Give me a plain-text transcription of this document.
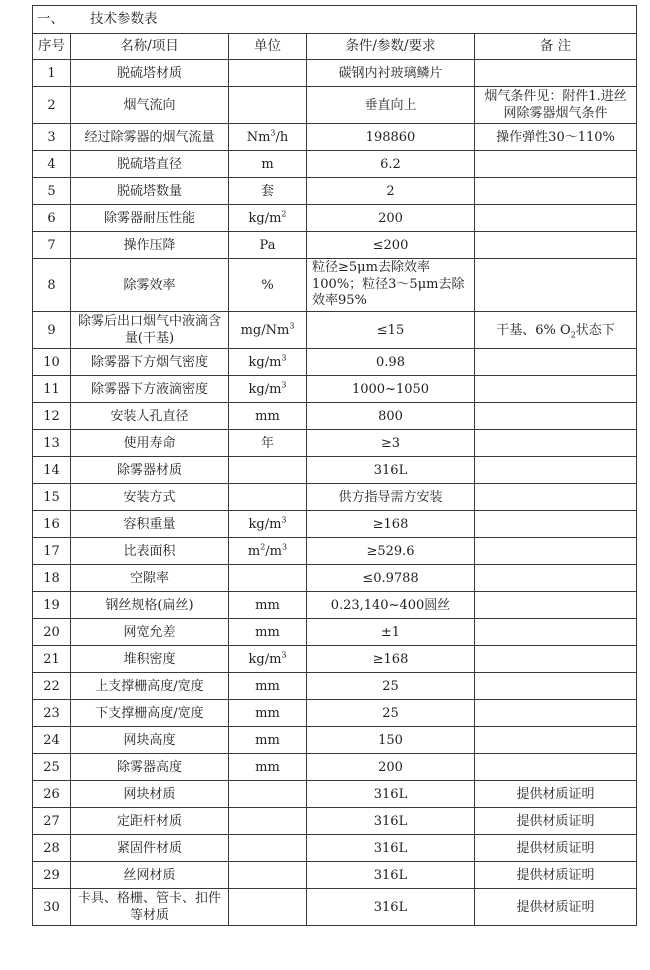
一、 技术参数表				
序号	名称/项目	单位	条件/参数/要求	备 注
1	脱硫塔材质		碳钢内衬玻璃鳞片	
2	烟气流向		垂直向上	烟气条件见：附件1.进丝网除雾器烟气条件
3	经过除雾器的烟气流量	Nm$^3$/h	198860	操作弹性30～110%
4	脱硫塔直径	m	6.2	
5	脱硫塔数量	套	2	
6	除雾器耐压性能	$kg/m^2$	200	
7	操作压降	Pa	≤200	
8	除雾效率	%	粒径≥5μm去除效率100%；粒径3～5μm去除效率95%	
9	除雾后出口烟气中液滴含量(干基)	$mg/Nm^3$	≤15	干基、6% $O_2$状态下
10	除雾器下方烟气密度	$kg/m^3$	0.98	
11	除雾器下方液滴密度	$kg/m^3$	1000~1050	
12	安装人孔直径	mm	800	
13	使用寿命	年	≥3	
14	除雾器材质		316L	
15	安装方式		供方指导需方安装	
16	容积重量	$kg/m^3$	≥168	
17	比表面积	$m^2/m^3$	≥529.6	
18	空隙率		≤0.9788	
19	钢丝规格(扁丝)	mm	0.23,140~400圆丝	
20	网宽允差	mm	±1	
21	堆积密度	$kg/m^3$	≥168	
22	上支撑栅高度/宽度	mm	25	
23	下支撑栅高度/宽度	mm	25	
24	网块高度	mm	150	
25	除雾器高度	mm	200	
26	网块材质		316L	提供材质证明
27	定距杆材质		316L	提供材质证明
28	紧固件材质		316L	提供材质证明
29	丝网材质		316L	提供材质证明
30	卡具、格栅、管卡、扣件等材质		316L	提供材质证明
